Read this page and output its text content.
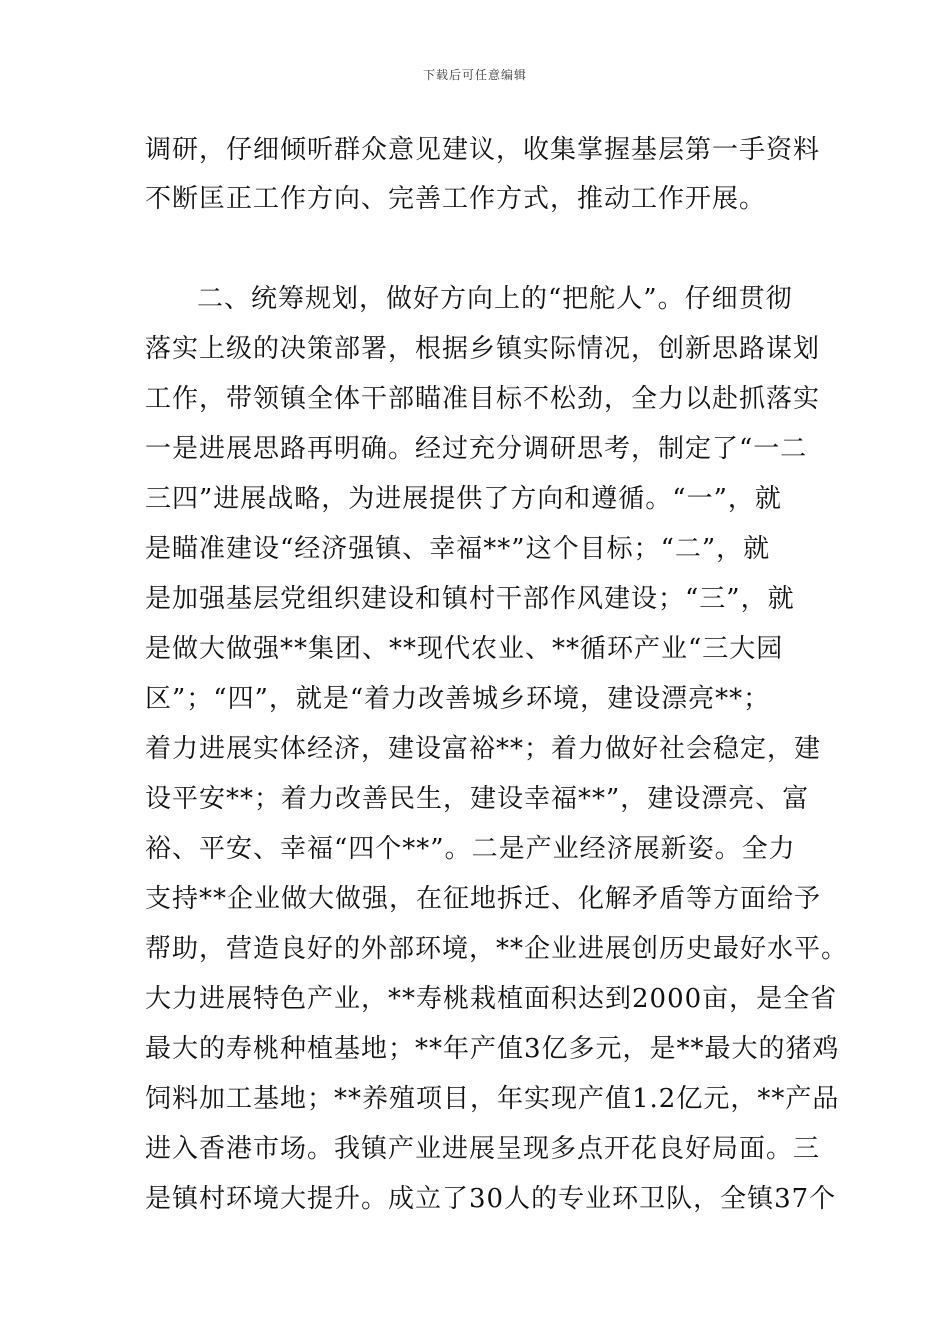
下载后可任意编辑
调研，仔细倾听群众意见建议，收集掌握基层第一手资料
不断匡正工作方向、完善工作方式，推动工作开展。
二、统筹规划，做好方向上的“把舵人”。仔细贯彻
落实上级的决策部署，根据乡镇实际情况，创新思路谋划
工作，带领镇全体干部瞄准目标不松劲，全力以赴抓落实
一是进展思路再明确。经过充分调研思考，制定了“一二
三四”进展战略，为进展提供了方向和遵循。“一”，就
是瞄准建设“经济强镇、幸福**”这个目标；“二”，就
是加强基层党组织建设和镇村干部作风建设；“三”，就
是做大做强**集团、**现代农业、**循环产业“三大园
区”；“四”，就是“着力改善城乡环境，建设漂亮**；
着力进展实体经济，建设富裕**；着力做好社会稳定，建
设平安**；着力改善民生，建设幸福**”，建设漂亮、富
裕、平安、幸福“四个**”。二是产业经济展新姿。全力
支持**企业做大做强，在征地拆迁、化解矛盾等方面给予
帮助，营造良好的外部环境，**企业进展创历史最好水平。
大力进展特色产业，**寿桃栽植面积达到2000亩，是全省
最大的寿桃种植基地；**年产值3亿多元，是**最大的猪鸡
饲料加工基地；**养殖项目，年实现产值1.2亿元，**产品
进入香港市场。我镇产业进展呈现多点开花良好局面。三
是镇村环境大提升。成立了30人的专业环卫队，全镇37个
